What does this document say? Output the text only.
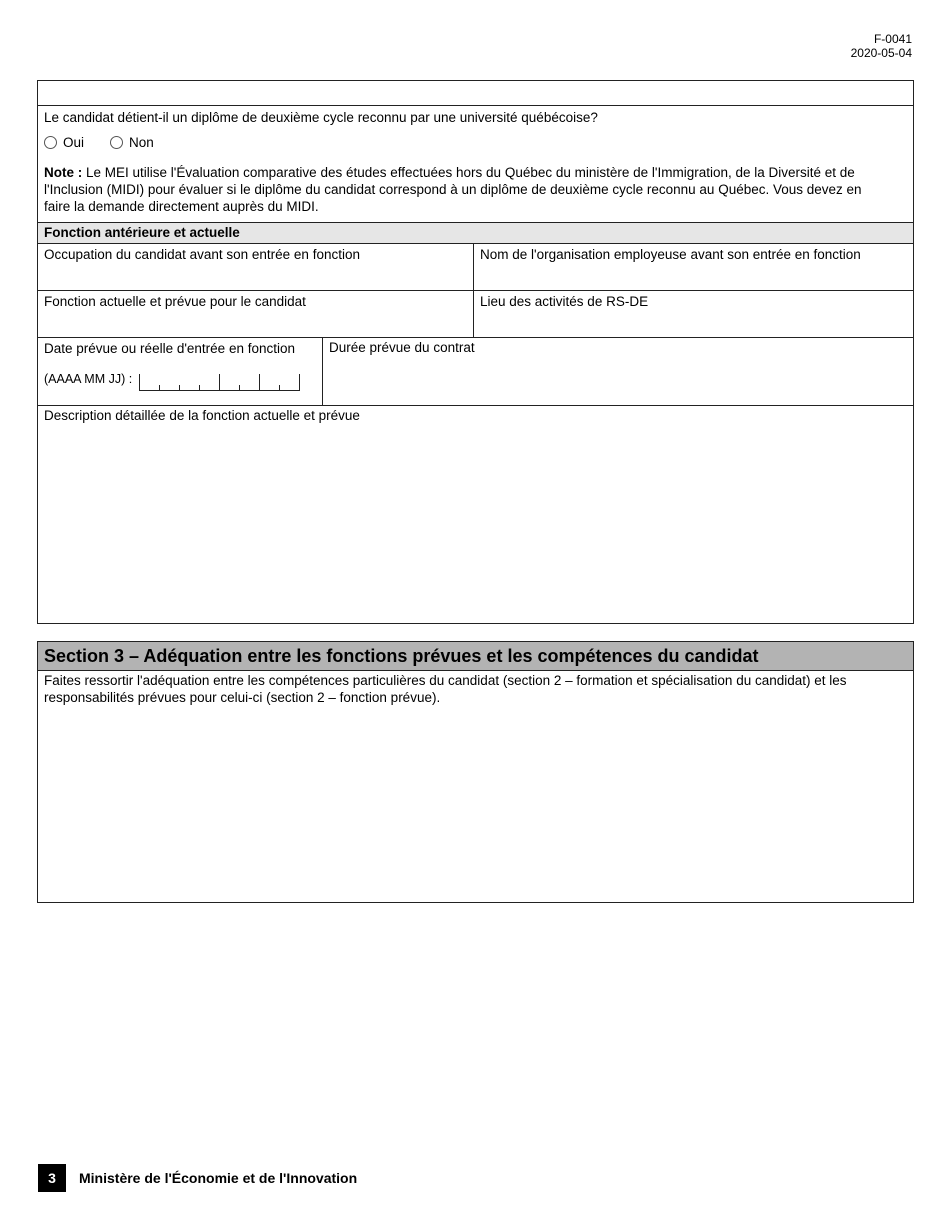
F-0041
2020-05-04
Le candidat détient-il un diplôme de deuxième cycle reconnu par une université québécoise?
Oui	Non
Note : Le MEI utilise l'Évaluation comparative des études effectuées hors du Québec du ministère de l'Immigration, de la Diversité et de
l'Inclusion (MIDI) pour évaluer si le diplôme du candidat correspond à un diplôme de deuxième cycle reconnu au Québec. Vous devez en
faire la demande directement auprès du MIDI.
Fonction antérieure et actuelle
Occupation du candidat avant son entrée en fonction	Nom de l'organisation employeuse avant son entrée en fonction
Fonction actuelle et prévue pour le candidat	Lieu des activités de RS-DE
Date prévue ou réelle d'entrée en fonction
(AAAA MM JJ) :
Durée prévue du contrat
Description détaillée de la fonction actuelle et prévue
Section 3 – Adéquation entre les fonctions prévues et les compétences du candidat
Faites ressortir l'adéquation entre les compétences particulières du candidat (section 2 – formation et spécialisation du candidat) et les
responsabilités prévues pour celui-ci (section 2 – fonction prévue).
3	Ministère de l'Économie et de l'Innovation
